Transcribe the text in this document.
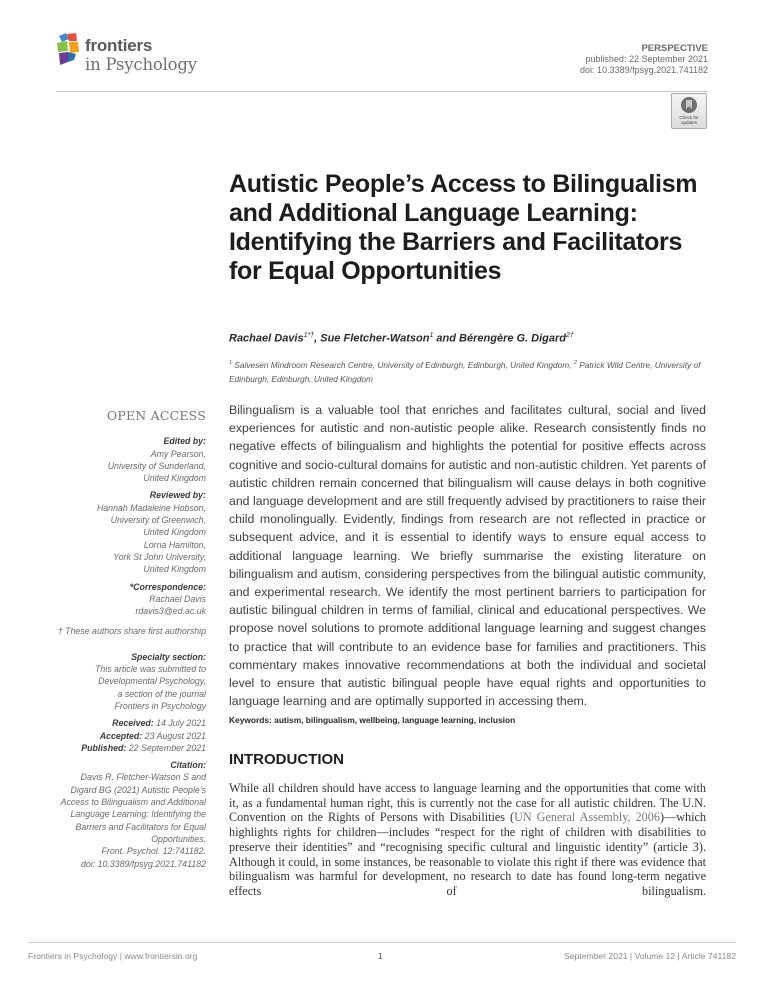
frontiers
in Psychology
PERSPECTIVE
published: 22 September 2021
doi: 10.3389/fpsyg.2021.741182
Check for updates
Autistic People’s Access to Bilingualism and Additional Language Learning: Identifying the Barriers and Facilitators for Equal Opportunities
Rachael Davis$^{1*\dagger}$, Sue Fletcher-Watson$^1$ and Bérengère G. Digard$^{2\dagger}$
$^1$ Salvesen Mindroom Research Centre, University of Edinburgh, Edinburgh, United Kingdom, $^2$ Patrick Wild Centre, University of Edinburgh, Edinburgh, United Kingdom
OPEN ACCESS
Edited by:
Amy Pearson,
University of Sunderland,
United Kingdom
Reviewed by:
Hannah Madaleine Hobson,
University of Greenwich,
United Kingdom
Lorna Hamilton,
York St John University,
United Kingdom
*Correspondence:
Rachael Davis
rdavis3@ed.ac.uk
† These authors share first authorship
Specialty section:
This article was submitted to
Developmental Psychology,
a section of the journal
Frontiers in Psychology
Received: 14 July 2021
Accepted: 23 August 2021
Published: 22 September 2021
Citation:
Davis R, Fletcher-Watson S and
Digard BG (2021) Autistic People’s
Access to Bilingualism and Additional
Language Learning: Identifying the
Barriers and Facilitators for Equal
Opportunities.
Front. Psychol. 12:741182.
doi: 10.3389/fpsyg.2021.741182

Bilingualism is a valuable tool that enriches and facilitates cultural, social and lived experiences for autistic and non-autistic people alike. Research consistently finds no negative effects of bilingualism and highlights the potential for positive effects across cognitive and socio-cultural domains for autistic and non-autistic children. Yet parents of autistic children remain concerned that bilingualism will cause delays in both cognitive and language development and are still frequently advised by practitioners to raise their child monolingually. Evidently, findings from research are not reflected in practice or subsequent advice, and it is essential to identify ways to ensure equal access to additional language learning. We briefly summarise the existing literature on bilingualism and autism, considering perspectives from the bilingual autistic community, and experimental research. We identify the most pertinent barriers to participation for autistic bilingual children in terms of familial, clinical and educational perspectives. We propose novel solutions to promote additional language learning and suggest changes to practice that will contribute to an evidence base for families and practitioners. This commentary makes innovative recommendations at both the individual and societal level to ensure that autistic bilingual people have equal rights and opportunities to language learning and are optimally supported in accessing them.

Keywords: autism, bilingualism, wellbeing, language learning, inclusion
INTRODUCTION

While all children should have access to language learning and the opportunities that come with it, as a fundamental human right, this is currently not the case for all autistic children. The U.N. Convention on the Rights of Persons with Disabilities (UN General Assembly, 2006)—which highlights rights for children—includes “respect for the right of children with disabilities to preserve their identities” and “recognising specific cultural and linguistic identity” (article 3). Although it could, in some instances, be reasonable to violate this right if there was evidence that bilingualism was harmful for development, no research to date has found long-term negative effects of bilingualism.

Frontiers in Psychology | www.frontiersin.org	1	September 2021 | Volume 12 | Article 741182
